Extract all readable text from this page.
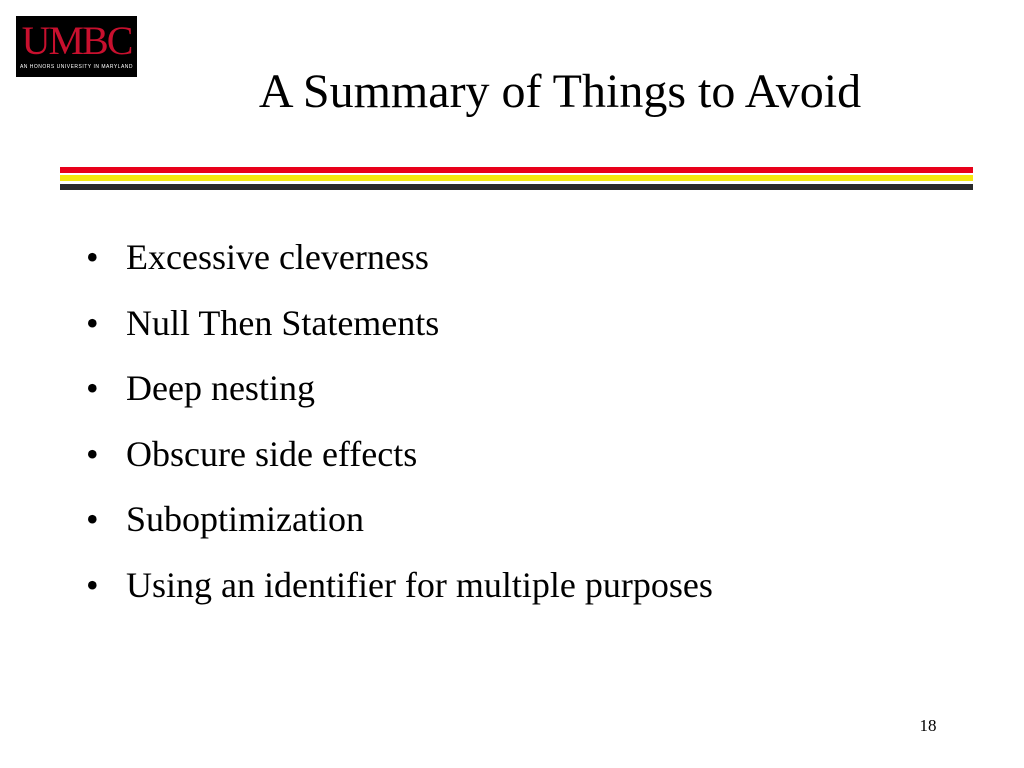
UMBC
AN HONORS UNIVERSITY IN MARYLAND	A Summary of Things to Avoid
• Excessive cleverness
• Null Then Statements
• Deep nesting
• Obscure side effects
• Suboptimization
• Using an identifier for multiple purposes
18
